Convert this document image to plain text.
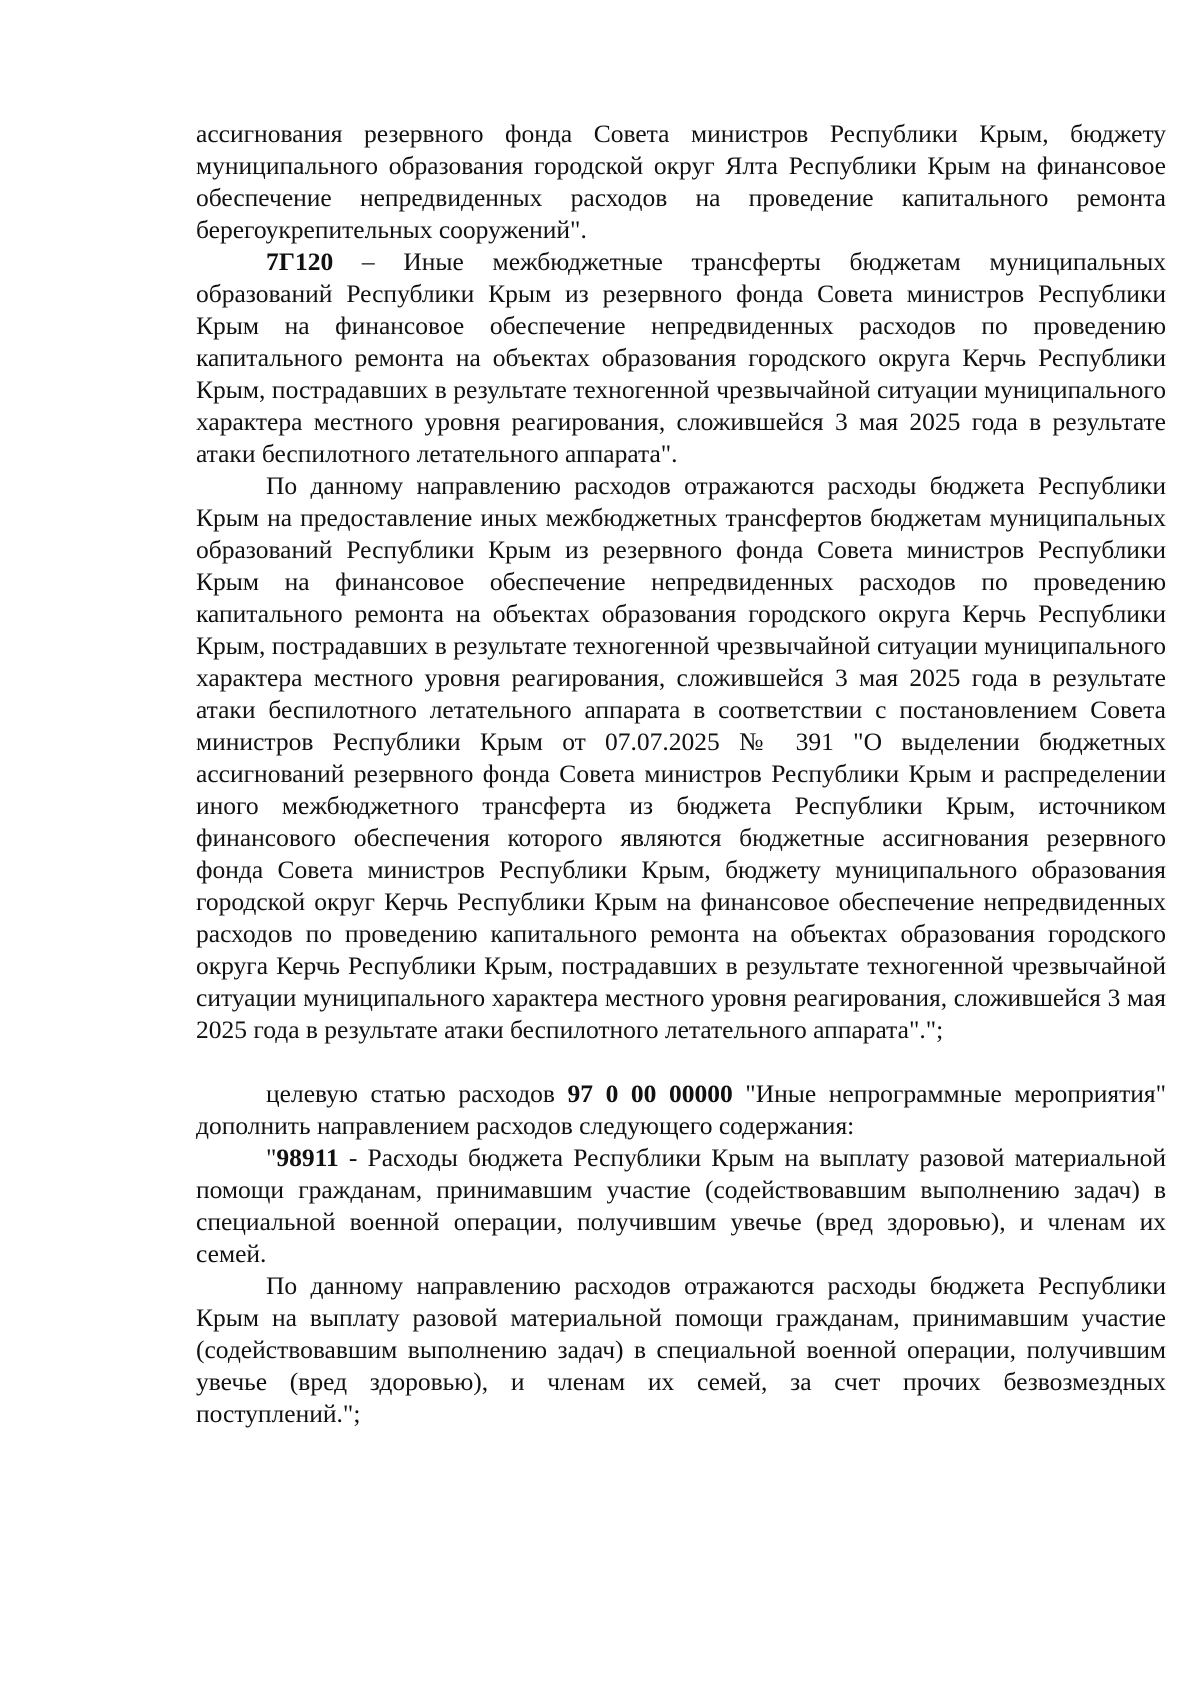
ассигнования резервного фонда Совета министров Республики Крым, бюджету муниципального образования городской округ Ялта Республики Крым на финансовое обеспечение непредвиденных расходов на проведение капитального ремонта берегоукрепительных сооружений".

7Г120 – Иные межбюджетные трансферты бюджетам муниципальных образований Республики Крым из резервного фонда Совета министров Республики Крым на финансовое обеспечение непредвиденных расходов по проведению капитального ремонта на объектах образования городского округа Керчь Республики Крым, пострадавших в результате техногенной чрезвычайной ситуации муниципального характера местного уровня реагирования, сложившейся 3 мая 2025 года в результате атаки беспилотного летательного аппарата".

По данному направлению расходов отражаются расходы бюджета Республики Крым на предоставление иных межбюджетных трансфертов бюджетам муниципальных образований Республики Крым из резервного фонда Совета министров Республики Крым на финансовое обеспечение непредвиденных расходов по проведению капитального ремонта на объектах образования городского округа Керчь Республики Крым, пострадавших в результате техногенной чрезвычайной ситуации муниципального характера местного уровня реагирования, сложившейся 3 мая 2025 года в результате атаки беспилотного летательного аппарата в соответствии с постановлением Совета министров Республики Крым от 07.07.2025 № 391 "О выделении бюджетных ассигнований резервного фонда Совета министров Республики Крым и распределении иного межбюджетного трансферта из бюджета Республики Крым, источником финансового обеспечения которого являются бюджетные ассигнования резервного фонда Совета министров Республики Крым, бюджету муниципального образования городской округ Керчь Республики Крым на финансовое обеспечение непредвиденных расходов по проведению капитального ремонта на объектах образования городского округа Керчь Республики Крым, пострадавших в результате техногенной чрезвычайной ситуации муниципального характера местного уровня реагирования, сложившейся 3 мая 2025 года в результате атаки беспилотного летательного аппарата".";

целевую статью расходов 97 0 00 00000 "Иные непрограммные мероприятия" дополнить направлением расходов следующего содержания:

"98911 - Расходы бюджета Республики Крым на выплату разовой материальной помощи гражданам, принимавшим участие (содействовавшим выполнению задач) в специальной военной операции, получившим увечье (вред здоровью), и членам их семей.

По данному направлению расходов отражаются расходы бюджета Республики Крым на выплату разовой материальной помощи гражданам, принимавшим участие (содействовавшим выполнению задач) в специальной военной операции, получившим увечье (вред здоровью), и членам их семей, за счет прочих безвозмездных поступлений.";
